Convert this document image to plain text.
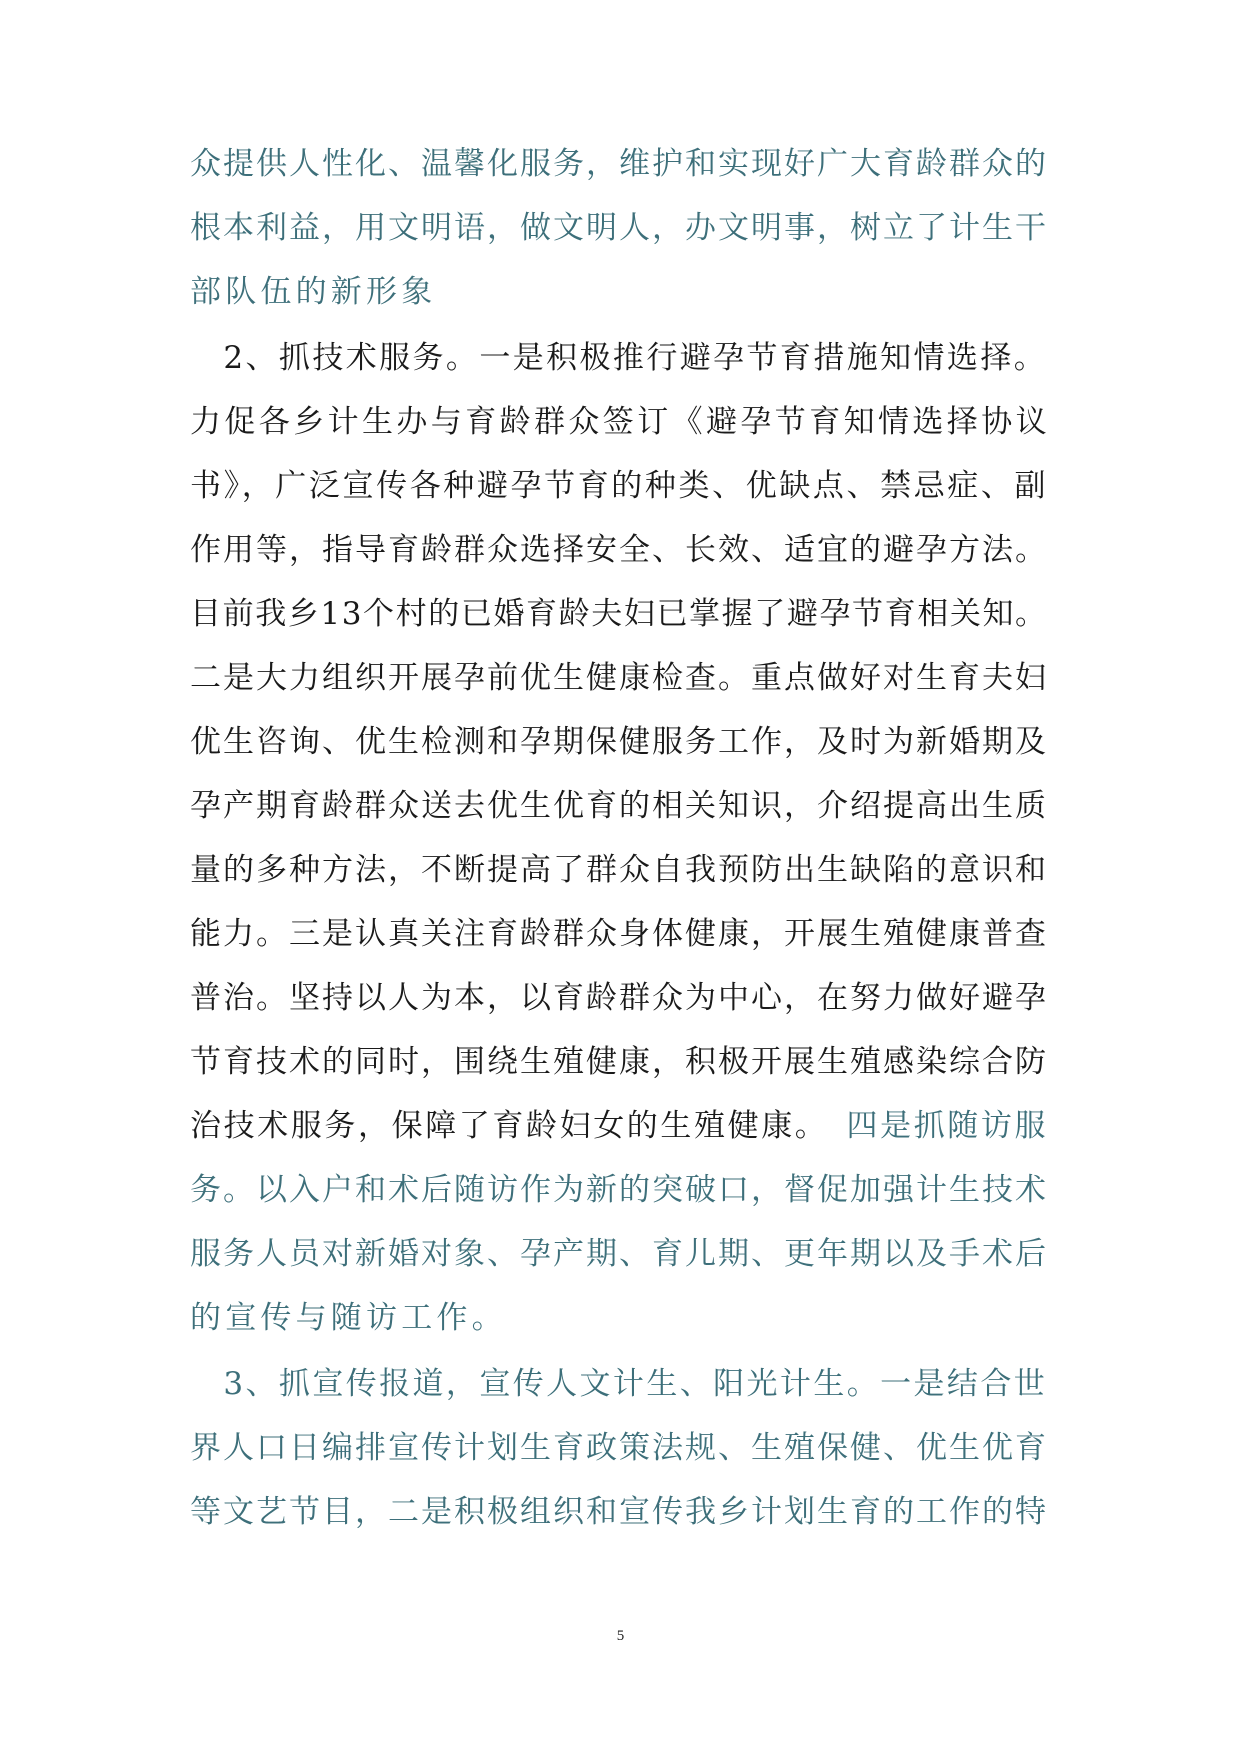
众提供人性化、温馨化服务，维护和实现好广大育龄群众的
根本利益，用文明语，做文明人，办文明事，树立了计生干
部队伍的新形象
　2、抓技术服务。一是积极推行避孕节育措施知情选择。
力促各乡计生办与育龄群众签订《避孕节育知情选择协议
书》，广泛宣传各种避孕节育的种类、优缺点、禁忌症、副
作用等，指导育龄群众选择安全、长效、适宜的避孕方法。
目前我乡13个村的已婚育龄夫妇已掌握了避孕节育相关知。
二是大力组织开展孕前优生健康检查。重点做好对生育夫妇
优生咨询、优生检测和孕期保健服务工作，及时为新婚期及
孕产期育龄群众送去优生优育的相关知识，介绍提高出生质
量的多种方法，不断提高了群众自我预防出生缺陷的意识和
能力。三是认真关注育龄群众身体健康，开展生殖健康普查
普治。坚持以人为本，以育龄群众为中心，在努力做好避孕
节育技术的同时，围绕生殖健康，积极开展生殖感染综合防
治技术服务，保障了育龄妇女的生殖健康。　四是抓随访服
务。以入户和术后随访作为新的突破口，督促加强计生技术
服务人员对新婚对象、孕产期、育儿期、更年期以及手术后
的宣传与随访工作。
　3、抓宣传报道，宣传人文计生、阳光计生。一是结合世
界人口日编排宣传计划生育政策法规、生殖保健、优生优育
等文艺节目，二是积极组织和宣传我乡计划生育的工作的特
5
